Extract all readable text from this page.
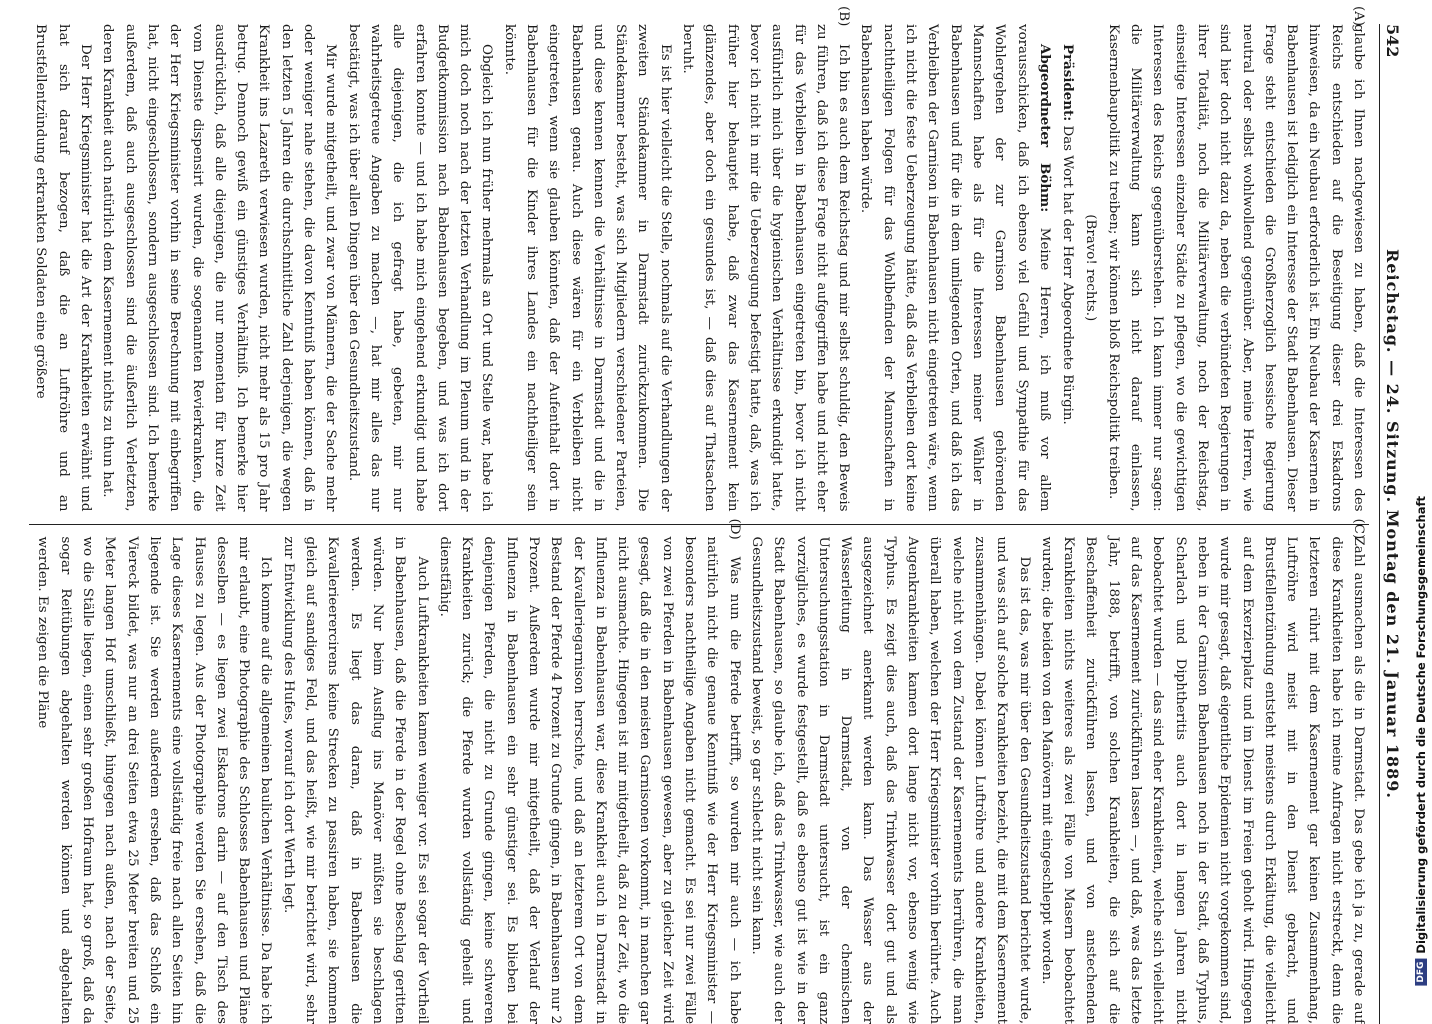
542
Reichstag. — 24. Sitzung. Montag den 21. Januar 1889.

(A)
glaube ich Ihnen nachgewiesen zu haben, daß die Interessen des Reichs entschieden auf die Beseitigung dieser drei Eskadrons hinweisen, da ein Neubau erforderlich ist. Ein Neubau der Kasernen in Babenhausen ist lediglich ein Interesse der Stadt Babenhausen. Dieser Frage steht entschieden die Großherzoglich hessische Regierung neutral oder selbst wohlwollend gegenüber. Aber, meine Herren, wie sind hier doch nicht dazu da, neben die verbündeten Regierungen in ihrer Totalität, noch die Militärverwaltung, noch der Reichstag, einseitige Interessen einzelner Städte zu pflegen, wo die gewichtigen Interessen des Reichs gegenüberstehen. Ich kann immer nur sagen: die Militärverwaltung kann sich nicht darauf einlassen, Kasernenbaupolitik zu treiben; wir können bloß Reichspolitik treiben.

(Bravo! rechts.)

Präsident: Das Wort hat der Herr Abgeordnete Bürgin.

Abgeordneter Böhm: Meine Herren, ich muß vor allem vorausschicken, daß ich ebenso viel Gefühl und Sympathie für das Wohlergehen der zur Garnison Babenhausen gehörenden Mannschaften habe als für die Interessen meiner Wähler in Babenhausen und für die in dem umliegenden Orten, und daß ich das Verbleiben der Garnison in Babenhausen nicht eingetreten wäre, wenn ich nicht die feste Ueberzeugung hätte, daß das Verbleiben dort keine nachtheiligen Folgen für das Wohlbefinden der Mannschaften in Babenhausen haben würde.

(B)
Ich bin es auch dem Reichstag und mir selbst schuldig, den Beweis zu führen, daß ich diese Frage nicht aufgegriffen habe und nicht eher für das Verbleiben in Babenhausen eingetreten bin, bevor ich nicht ausführlich mich über die hygienischen Verhältnisse erkundigt hatte, bevor ich nicht in mir die Ueberzeugung befestigt hatte, daß, was ich früher hier behauptet habe, daß zwar das Kasernement kein glänzendes, aber doch ein gesundes ist, — daß dies auf Thatsachen beruht.

Es ist hier vielleicht die Stelle, nochmals auf die Verhandlungen der zweiten Ständekammer in Darmstadt zurückzukommen. Die Ständekammer besteht, was sich Mitgliedern verschiedener Parteien, und diese kennen kennen die Verhältnisse in Darmstadt und die in Babenhausen genau. Auch diese wären für ein Verbleiben nicht eingetreten, wenn sie glauben könnten, daß der Aufenthalt dort in Babenhausen für die Kinder ihres Landes ein nachtheiliger sein könnte.

Obgleich ich nun früher mehrmals an Ort und Stelle war, habe ich mich doch noch nach der letzten Verhandlung im Plenum und in der Budgetkommission nach Babenhausen begeben, und was ich dort erfahren konnte — und ich habe mich eingehend erkundigt und habe alle diejenigen, die ich gefragt habe, gebeten, mir nur wahrheitsgetreue Angaben zu machen —, hat mir alles das nur bestätigt, was ich über allen Dingen über den Gesundheitszustand.

Mir wurde mitgetheilt, und zwar von Männern, die der Sache mehr oder weniger nahe stehen, die davon Kenntniß haben können, daß in den letzten 5 Jahren die durchschnittliche Zahl derjenigen, die wegen Krankheit ins Lazareth verwiesen wurden, nicht mehr als 15 pro Jahr betrug. Dennoch gewiß ein günstiges Verhältniß. Ich bemerke hier ausdrücklich, daß alle diejenigen, die nur momentan für kurze Zeit vom Dienste dispensirt wurden, die sogenannten Revierkranken, die der Herr Kriegsminister vorhin in seine Berechnung mit einbegriffen hat, nicht eingeschlossen, sondern ausgeschlossen sind. Ich bemerke außerdem, daß auch ausgeschlossen sind die äußerlich Verletzten, deren Krankheit auch natürlich dem Kasernement nichts zu thun hat.

Der Herr Kriegsminister hat die Art der Krankheiten erwähnt und hat sich darauf bezogen, daß die an Luftröhre und an Brustfellentzündung erkrankten Soldaten eine größere

(C)
Zahl ausmachen als die in Darmstadt. Das gebe ich ja zu, gerade auf diese Krankheiten habe ich meine Anfragen nicht erstreckt, denn die letzteren rührt mit dem Kasernement gar keinen Zusammenhang, Luftröhre wird meist mit in den Dienst gebracht, und Brustfellentzündung entsteht meistens durch Erkältung, die vielleicht auf dem Exerzierplatz und im Dienst im Freien geholt wird. Hingegen wurde mir gesagt, daß eigentliche Epidemien nicht vorgekommen sind, neben in der Garnison Babenhausen noch in der Stadt, daß Typhus, Scharlach und Diphtheritis auch dort in langen Jahren nicht beobachtet wurden — das sind eher Krankheiten, welche sich vielleicht auf das Kasernement zurückführen lassen —, und daß, was das letzte Jahr, 1888, betrifft, von solchen Krankheiten, die sich auf die Beschaffenheit zurückführen lassen, und von anstechenden Krankheiten nichts weiteres als zwei Fälle von Masern beobachtet wurden; die beiden von den Manövern mit eingeschleppt worden.

Das ist das, was mir über den Gesundheitszustand berichtet wurde, und was sich auf solche Krankheiten bezieht, die mit dem Kasernement zusammenhängen. Dabei können Luftröhre und andere Krankheiten, welche nicht von dem Zustand der Kasernements herrühren, die man überall haben, welchen der Herr Kriegsminister vorhin berührte. Auch Augenkrankheiten kamen dort lange nicht vor, ebenso wenig wie Typhus. Es zeigt dies auch, daß das Trinkwasser dort gut und als ausgezeichnet anerkannt werden kann. Das Wasser aus der Wasserleitung in Darmstadt, von der chemischen Untersuchungsstation in Darmstadt untersucht, ist ein ganz vorzügliches, es wurde festgestellt, daß es ebenso gut ist wie in der Stadt Babenhausen, so glaube ich, daß das Trinkwasser, wie auch der Gesundheitszustand beweist, so gar schlecht nicht sein kann.

(D)
Was nun die Pferde betrifft, so wurden mir auch — ich habe natürlich nicht die genaue Kenntniß wie der Herr Kriegsminister — besonders nachtheilige Angaben nicht gemacht. Es sei nur zwei Fälle von zwei Pferden in Babenhausen gewesen, aber zu gleicher Zeit wird gesagt, daß die in den meisten Garnisonen vorkommt, in manchen gar nicht ausmachte. Hingegen ist mir mitgetheilt, daß zu der Zeit, wo die Influenza in Babenhausen war, diese Krankheit auch in Darmstadt in der Kavalleriegarnison herrschte, und daß an letzterem Ort von dem Bestand der Pferde 4 Prozent zu Grunde gingen, in Babenhausen nur 2 Prozent. Außerdem wurde mir mitgetheilt, daß der Verlauf der Influenza in Babenhausen ein sehr günstiger sei. Es blieben bei denjenigen Pferden, die nicht zu Grunde gingen, keine schweren Krankheiten zurück; die Pferde wurden vollständig geheilt und dienstfähig.

Auch Luftkrankheiten kamen weniger vor. Es sei sogar der Vortheil in Babenhausen, daß die Pferde in der Regel ohne Beschlag geritten würden. Nur beim Ausflug ins Manöver müßten sie beschlagen werden. Es liegt das daran, daß in Babenhausen die Kavallerieerercirens keine Strecken zu passiren haben, sie kommen gleich auf sandiges Feld, und das heißt, wie mir berichtet wird, sehr zur Entwicklung des Hufes, worauf ich dort Werth legt.

Ich komme auf die allgemeinen baulichen Verhältnisse. Da habe ich mir erlaubt, eine Photographie des Schlosses Babenhausen und Pläne desselben — es liegen zwei Eskadrons darin — auf den Tisch des Hauses zu legen. Aus der Photographie werden Sie ersehen, daß die Lage dieses Kasernements eine vollständig freie nach allen Seiten hin liegende ist. Sie werden außerdem ersehen, daß das Schloß ein Viereck bildet, was nur an drei Seiten etwa 25 Meter breiten und 25 Meter langen Hof umschließt, hingegen nach außen, nach der Seite, wo die Ställe liegen, einen sehr großen Hofraum hat, so groß, daß da sogar Reitübungen abgehalten werden können und abgehalten werden. Es zeigen die Pläne

DFG
Digitalisierung gefördert durch die Deutsche Forschungsgemeinschaft
